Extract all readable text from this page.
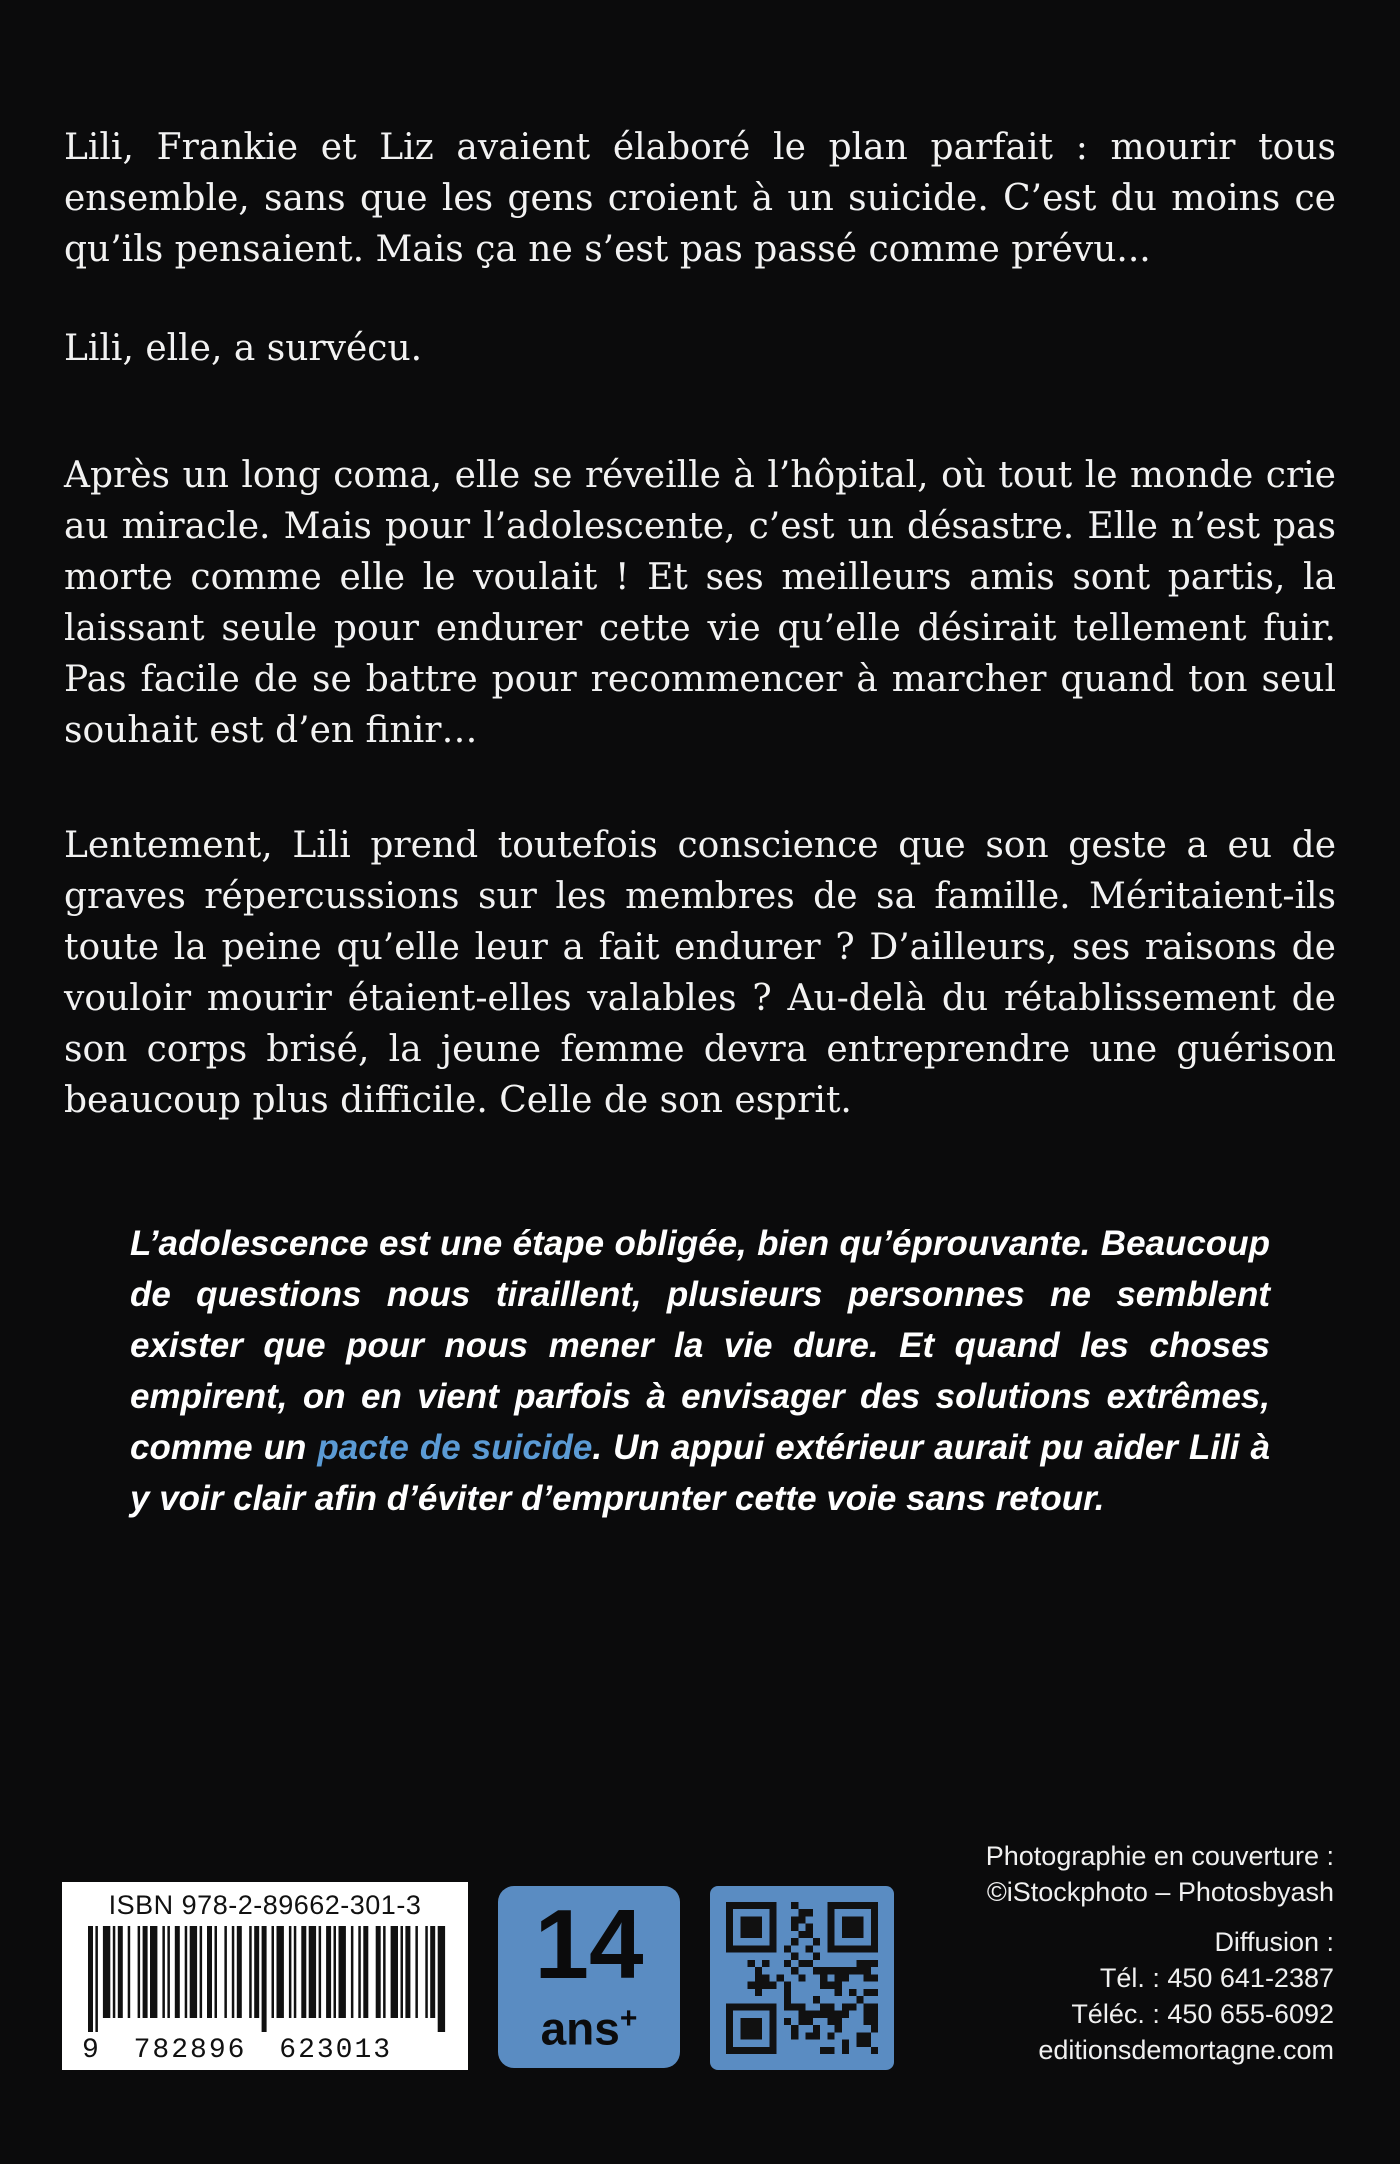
Lili, Frankie et Liz avaient élaboré le plan parfait : mourir tous ensemble, sans que les gens croient à un suicide. C’est du moins ce qu’ils pensaient. Mais ça ne s’est pas passé comme prévu...

Lili, elle, a survécu.

Après un long coma, elle se réveille à l’hôpital, où tout le monde crie au miracle. Mais pour l’adolescente, c’est un désastre. Elle n’est pas morte comme elle le voulait ! Et ses meilleurs amis sont partis, la laissant seule pour endurer cette vie qu’elle désirait tellement fuir. Pas facile de se battre pour recommencer à marcher quand ton seul souhait est d’en finir…

Lentement, Lili prend toutefois conscience que son geste a eu de graves répercussions sur les membres de sa famille. Méritaient-ils toute la peine qu’elle leur a fait endurer ? D’ailleurs, ses raisons de vouloir mourir étaient-elles valables ? Au-delà du rétablissement de son corps brisé, la jeune femme devra entreprendre une guérison beaucoup plus difficile. Celle de son esprit.

L’adolescence est une étape obligée, bien qu’éprouvante. Beaucoup de questions nous tiraillent, plusieurs personnes ne semblent exister que pour nous mener la vie dure. Et quand les choses empirent, on en vient parfois à envisager des solutions extrêmes, comme un pacte de suicide. Un appui extérieur aurait pu aider Lili à y voir clair afin d’éviter d’emprunter cette voie sans retour.

ISBN 978-2-89662-301-3
9 782896 623013
14
ans+
Photographie en couverture :
©iStockphoto – Photosbyash
Diffusion :
Tél. : 450 641-2387
Téléc. : 450 655-6092
editionsdemortagne.com
